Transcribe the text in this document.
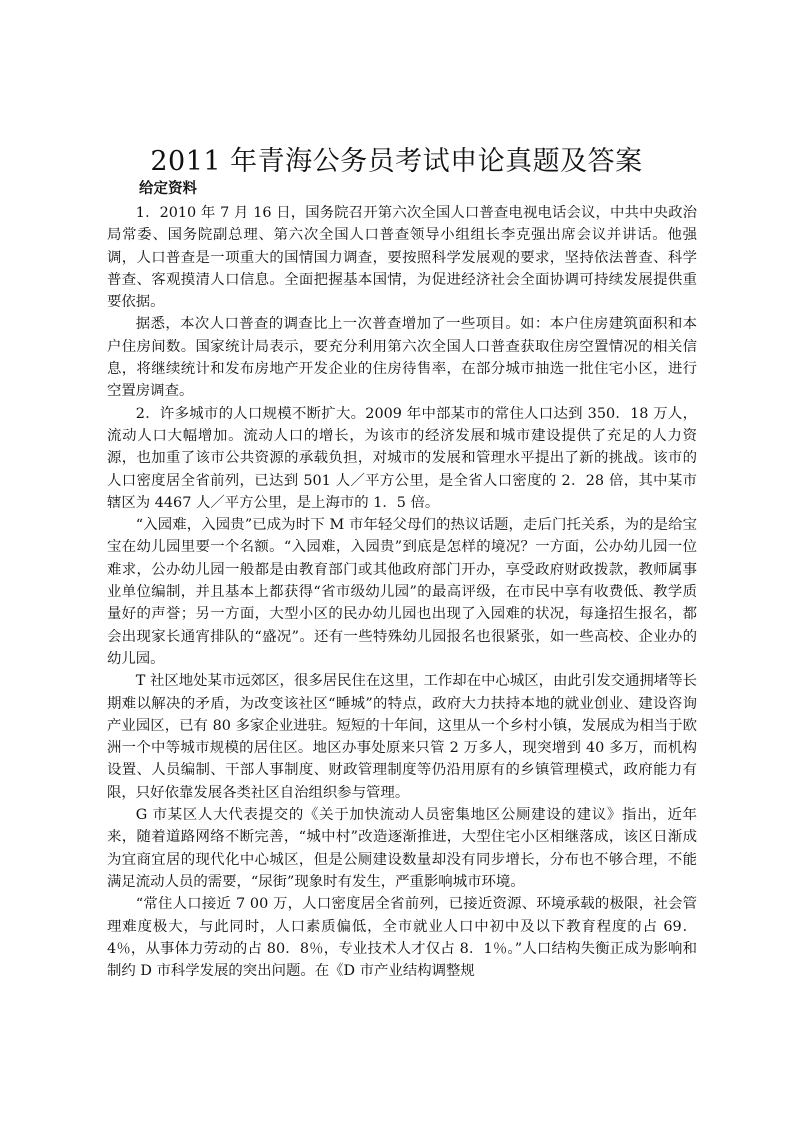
2011 年青海公务员考试申论真题及答案
给定资料

1．2010 年 7 月 16 日，国务院召开第六次全国人口普查电视电话会议，中共中央政治局常委、国务院副总理、第六次全国人口普查领导小组组长李克强出席会议并讲话。他强调，人口普查是一项重大的国情国力调查，要按照科学发展观的要求，坚持依法普查、科学普查、客观摸清人口信息。全面把握基本国情，为促进经济社会全面协调可持续发展提供重要依据。

据悉，本次人口普查的调查比上一次普查增加了一些项目。如：本户住房建筑面积和本户住房间数。国家统计局表示，要充分利用第六次全国人口普查获取住房空置情况的相关信息，将继续统计和发布房地产开发企业的住房待售率，在部分城市抽选一批住宅小区，进行空置房调查。

2．许多城市的人口规模不断扩大。2009 年中部某市的常住人口达到 350．18 万人，流动人口大幅增加。流动人口的增长，为该市的经济发展和城市建设提供了充足的人力资源，也加重了该市公共资源的承载负担，对城市的发展和管理水平提出了新的挑战。该市的人口密度居全省前列，已达到 501 人／平方公里，是全省人口密度的 2．28 倍，其中某市辖区为 4467 人／平方公里，是上海市的 1．5 倍。

“入园难，入园贵”已成为时下 M 市年轻父母们的热议话题，走后门托关系，为的是给宝宝在幼儿园里要一个名额。“入园难，入园贵”到底是怎样的境况？一方面，公办幼儿园一位难求，公办幼儿园一般都是由教育部门或其他政府部门开办，享受政府财政拨款，教师属事业单位编制，并且基本上都获得“省市级幼儿园”的最高评级，在市民中享有收费低、教学质量好的声誉；另一方面，大型小区的民办幼儿园也出现了入园难的状况，每逢招生报名，都会出现家长通宵排队的“盛况”。还有一些特殊幼儿园报名也很紧张，如一些高校、企业办的幼儿园。

T 社区地处某市远郊区，很多居民住在这里，工作却在中心城区，由此引发交通拥堵等长期难以解决的矛盾，为改变该社区“睡城”的特点，政府大力扶持本地的就业创业、建设咨询产业园区，已有 80 多家企业进驻。短短的十年间，这里从一个乡村小镇，发展成为相当于欧洲一个中等城市规模的居住区。地区办事处原来只管 2 万多人，现突增到 40 多万，而机构设置、人员编制、干部人事制度、财政管理制度等仍沿用原有的乡镇管理模式，政府能力有限，只好依靠发展各类社区自治组织参与管理。

G 市某区人大代表提交的《关于加快流动人员密集地区公厕建设的建议》指出，近年来，随着道路网络不断完善，“城中村”改造逐渐推进，大型住宅小区相继落成，该区日渐成为宜商宜居的现代化中心城区，但是公厕建设数量却没有同步增长，分布也不够合理，不能满足流动人员的需要，“尿街”现象时有发生，严重影响城市环境。

“常住人口接近 7 00 万，人口密度居全省前列，已接近资源、环境承载的极限，社会管理难度极大，与此同时，人口素质偏低，全市就业人口中初中及以下教育程度的占 69．4％，从事体力劳动的占 80．8％，专业技术人才仅占 8．1％。”人口结构失衡正成为影响和制约 D 市科学发展的突出问题。在《D 市产业结构调整规
